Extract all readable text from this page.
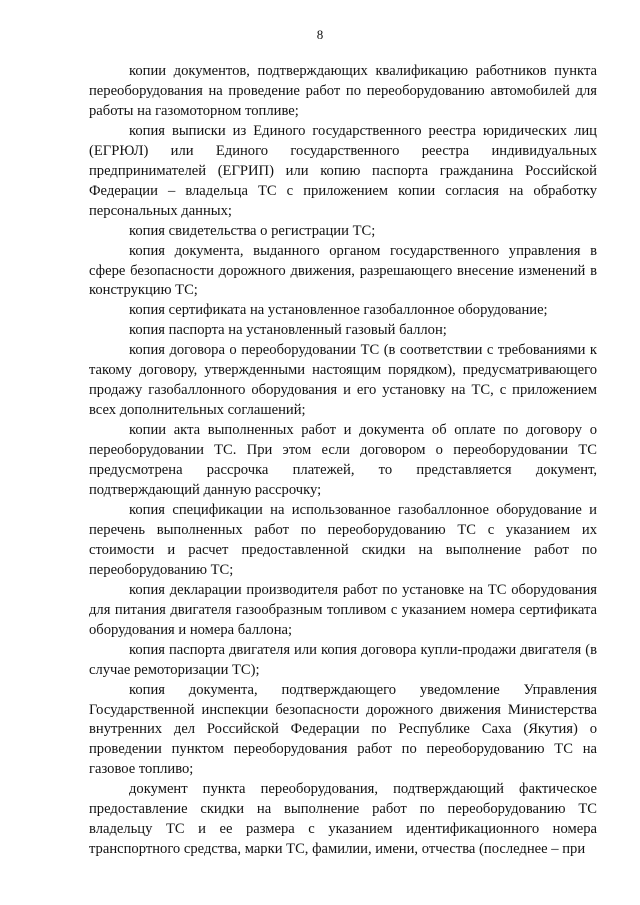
8

копии документов, подтверждающих квалификацию работников пункта переоборудования на проведение работ по переоборудованию автомобилей для работы на газомоторном топливе;

копия выписки из Единого государственного реестра юридических лиц (ЕГРЮЛ) или Единого государственного реестра индивидуальных предпринимателей (ЕГРИП) или копию паспорта гражданина Российской Федерации – владельца ТС с приложением копии согласия на обработку персональных данных;

копия свидетельства о регистрации ТС;

копия документа, выданного органом государственного управления в сфере безопасности дорожного движения, разрешающего внесение изменений в конструкцию ТС;

копия сертификата на установленное газобаллонное оборудование;

копия паспорта на установленный газовый баллон;

копия договора о переоборудовании ТС (в соответствии с требованиями к такому договору, утвержденными настоящим порядком), предусматривающего продажу газобаллонного оборудования и его установку на ТС, с приложением всех дополнительных соглашений;

копии акта выполненных работ и документа об оплате по договору о переоборудовании ТС. При этом если договором о переоборудовании ТС предусмотрена рассрочка платежей, то представляется документ, подтверждающий данную рассрочку;

копия спецификации на использованное газобаллонное оборудование и перечень выполненных работ по переоборудованию ТС с указанием их стоимости и расчет предоставленной скидки на выполнение работ по переоборудованию ТС;

копия декларации производителя работ по установке на ТС оборудования для питания двигателя газообразным топливом с указанием номера сертификата оборудования и номера баллона;

копия паспорта двигателя или копия договора купли-продажи двигателя (в случае ремоторизации ТС);

копия документа, подтверждающего уведомление Управления Государственной инспекции безопасности дорожного движения Министерства внутренних дел Российской Федерации по Республике Саха (Якутия) о проведении пунктом переоборудования работ по переоборудованию ТС на газовое топливо;

документ пункта переоборудования, подтверждающий фактическое предоставление скидки на выполнение работ по переоборудованию ТС владельцу ТС и ее размера с указанием идентификационного номера транспортного средства, марки ТС, фамилии, имени, отчества (последнее – при
